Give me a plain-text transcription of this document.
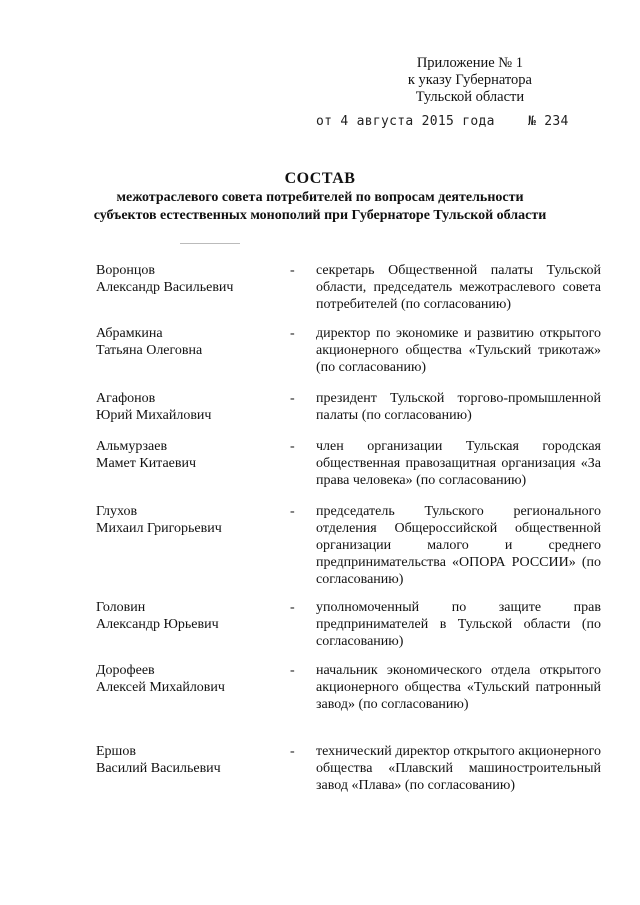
Приложение № 1
к указу Губернатора
Тульской области
от 4 августа 2015 года	№ 234
СОСТАВ
межотраслевого совета потребителей по вопросам деятельности
субъектов естественных монополий при Губернаторе Тульской области
Воронцов
Александр Васильевич
- секретарь Общественной палаты Тульской области, председатель межотраслевого совета потребителей (по согласованию)
Абрамкина
Татьяна Олеговна
- директор по экономике и развитию открытого акционерного общества «Тульский трикотаж» (по согласованию)
Агафонов
Юрий Михайлович
- президент Тульской торгово-промышленной палаты (по согласованию)
Альмурзаев
Мамет Китаевич
- член организации Тульская городская общественная правозащитная организация «За права человека» (по согласованию)
Глухов
Михаил Григорьевич
- председатель Тульского регионального отделения Общероссийской общественной организации малого и среднего предпринимательства «ОПОРА РОССИИ» (по согласованию)
Головин
Александр Юрьевич
- уполномоченный по защите прав предпринимателей в Тульской области (по согласованию)
Дорофеев
Алексей Михайлович
- начальник экономического отдела открытого акционерного общества «Тульский патронный завод» (по согласованию)
Ершов
Василий Васильевич
- технический директор открытого акционерного общества «Плавский машиностроительный завод «Плава» (по согласованию)
